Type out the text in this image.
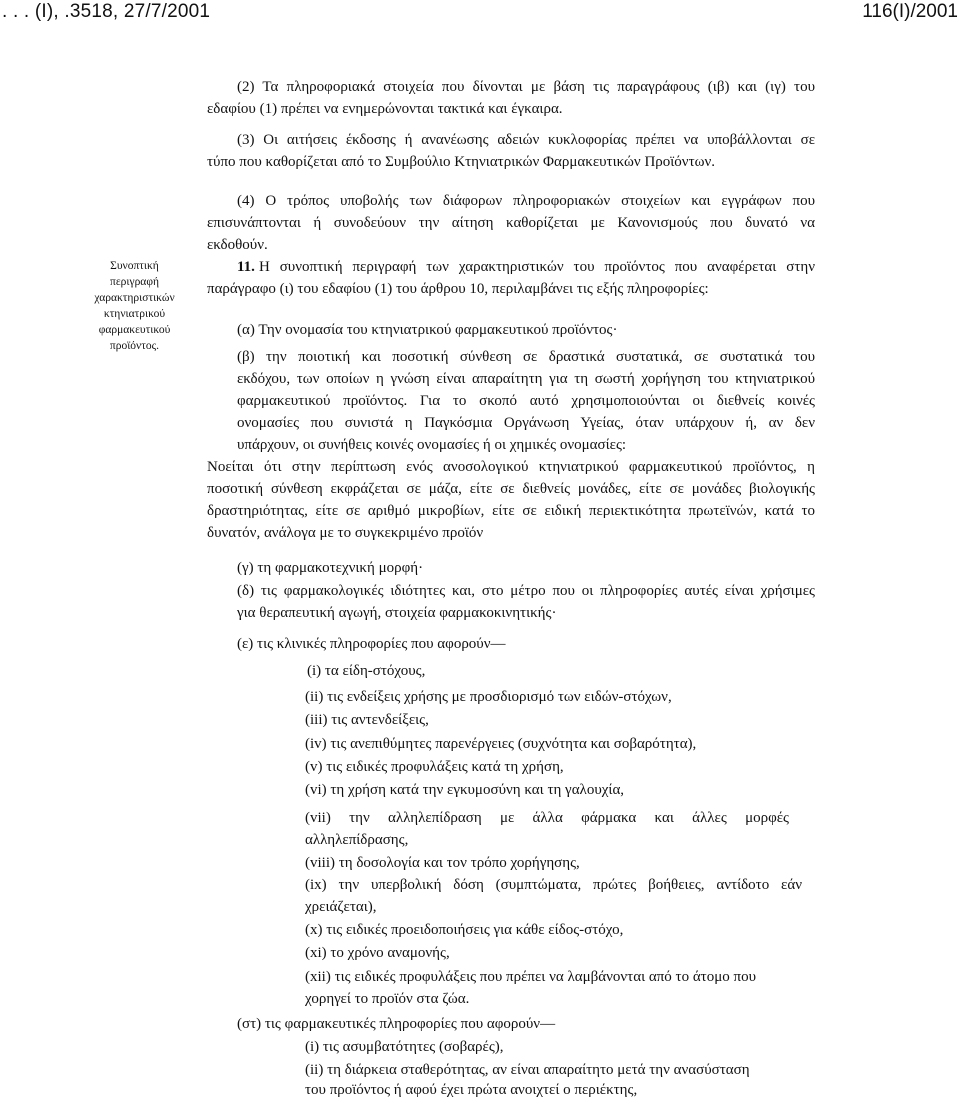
. . . (Ι), .3518, 27/7/2001	116(Ι)/2001
(2) Τα πληροφοριακά στοιχεία που δίνονται με βάση τις παραγράφους (ιβ) και (ιγ) του
εδαφίου (1) πρέπει να ενημερώνονται τακτικά και έγκαιρα.
(3) Οι αιτήσεις έκδοσης ή ανανέωσης αδειών κυκλοφορίας πρέπει να υποβάλλονται σε
τύπο που καθορίζεται από το Συμβούλιο Κτηνιατρικών Φαρμακευτικών Προϊόντων.
(4) Ο τρόπος υποβολής των διάφορων πληροφοριακών στοιχείων και εγγράφων που
επισυνάπτονται ή συνοδεύουν την αίτηση καθορίζεται με Κανονισμούς που δυνατό να
εκδοθούν.
Συνοπτική
περιγραφή
χαρακτηριστικών
κτηνιατρικού
φαρμακευτικού
προϊόντος.
11. Η συνοπτική περιγραφή των χαρακτηριστικών του προϊόντος που αναφέρεται στην
παράγραφο (ι) του εδαφίου (1) του άρθρου 10, περιλαμβάνει τις εξής πληροφορίες:
(α) Την ονομασία του κτηνιατρικού φαρμακευτικού προϊόντος·
(β) την ποιοτική και ποσοτική σύνθεση σε δραστικά συστατικά, σε συστατικά του
εκδόχου, των οποίων η γνώση είναι απαραίτητη για τη σωστή χορήγηση του κτηνιατρικού
φαρμακευτικού προϊόντος. Για το σκοπό αυτό χρησιμοποιούνται οι διεθνείς κοινές
ονομασίες που συνιστά η Παγκόσμια Οργάνωση Υγείας, όταν υπάρχουν ή, αν δεν
υπάρχουν, οι συνήθεις κοινές ονομασίες ή οι χημικές ονομασίες:
Νοείται ότι στην περίπτωση ενός ανοσολογικού κτηνιατρικού φαρμακευτικού προϊόντος, η
ποσοτική σύνθεση εκφράζεται σε μάζα, είτε σε διεθνείς μονάδες, είτε σε μονάδες βιολογικής
δραστηριότητας, είτε σε αριθμό μικροβίων, είτε σε ειδική περιεκτικότητα πρωτεϊνών, κατά το
δυνατόν, ανάλογα με το συγκεκριμένο προϊόν
(γ) τη φαρμακοτεχνική μορφή·
(δ) τις φαρμακολογικές ιδιότητες και, στο μέτρο που οι πληροφορίες αυτές είναι χρήσιμες
για θεραπευτική αγωγή, στοιχεία φαρμακοκινητικής·
(ε) τις κλινικές πληροφορίες που αφορούν—
(i) τα είδη-στόχους,
(ii) τις ενδείξεις χρήσης με προσδιορισμό των ειδών-στόχων,
(iii) τις αντενδείξεις,
(iv) τις ανεπιθύμητες παρενέργειες (συχνότητα και σοβαρότητα),
(v) τις ειδικές προφυλάξεις κατά τη χρήση,
(vi) τη χρήση κατά την εγκυμοσύνη και τη γαλουχία,
(vii) την αλληλεπίδραση με άλλα φάρμακα και άλλες μορφές
αλληλεπίδρασης,
(viii) τη δοσολογία και τον τρόπο χορήγησης,
(ix) την υπερβολική δόση (συμπτώματα, πρώτες βοήθειες, αντίδοτο εάν
χρειάζεται),
(x) τις ειδικές προειδοποιήσεις για κάθε είδος-στόχο,
(xi) το χρόνο αναμονής,
(xii) τις ειδικές προφυλάξεις που πρέπει να λαμβάνονται από το άτομο που
χορηγεί το προϊόν στα ζώα.
(στ) τις φαρμακευτικές πληροφορίες που αφορούν—
(i) τις ασυμβατότητες (σοβαρές),
(ii) τη διάρκεια σταθερότητας, αν είναι απαραίτητο μετά την ανασύσταση
του προϊόντος ή αφού έχει πρώτα ανοιχτεί ο περιέκτης,
